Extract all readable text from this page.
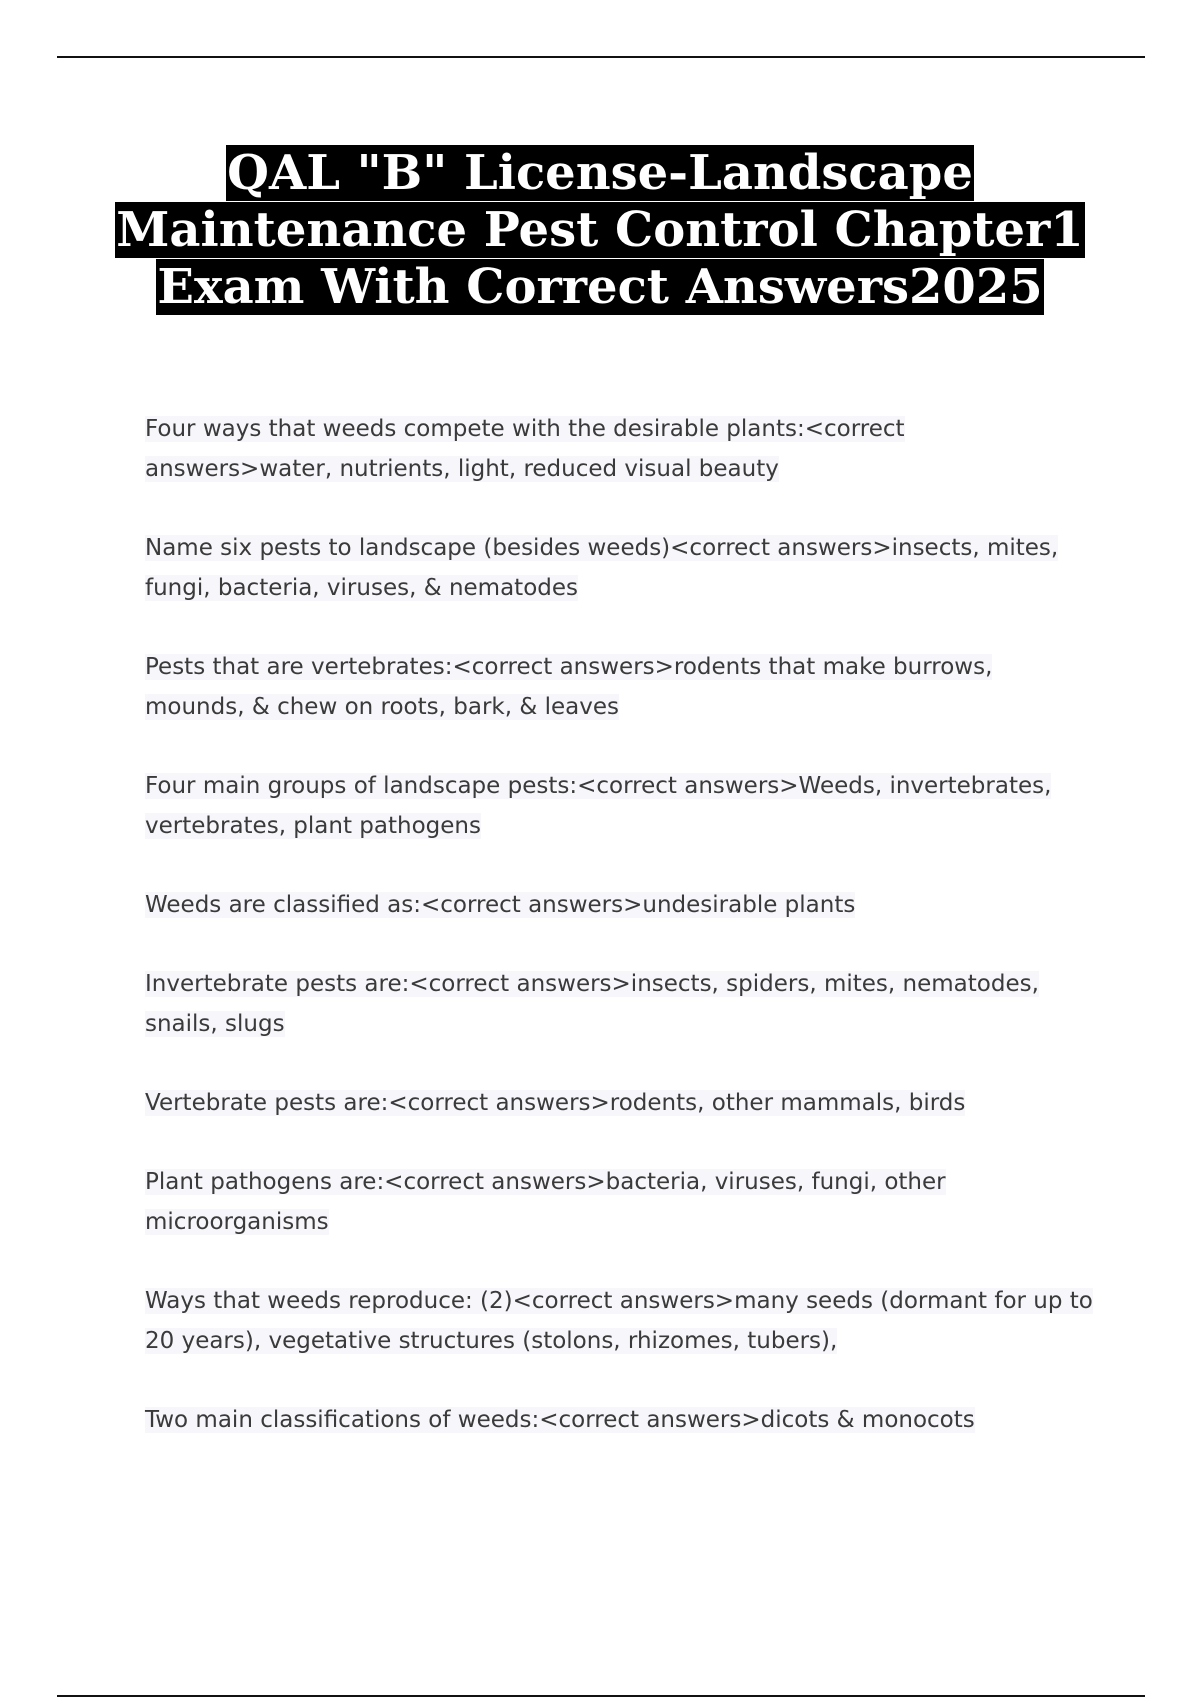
QAL "B" License-Landscape Maintenance Pest Control Chapter1 Exam With Correct Answers2025

Four ways that weeds compete with the desirable plants:<correct answers>water, nutrients, light, reduced visual beauty

Name six pests to landscape (besides weeds)<correct answers>insects, mites, fungi, bacteria, viruses, & nematodes

Pests that are vertebrates:<correct answers>rodents that make burrows, mounds, & chew on roots, bark, & leaves

Four main groups of landscape pests:<correct answers>Weeds, invertebrates, vertebrates, plant pathogens

Weeds are classified as:<correct answers>undesirable plants

Invertebrate pests are:<correct answers>insects, spiders, mites, nematodes, snails, slugs

Vertebrate pests are:<correct answers>rodents, other mammals, birds

Plant pathogens are:<correct answers>bacteria, viruses, fungi, other microorganisms

Ways that weeds reproduce: (2)<correct answers>many seeds (dormant for up to 20 years), vegetative structures (stolons, rhizomes, tubers),

Two main classifications of weeds:<correct answers>dicots & monocots
